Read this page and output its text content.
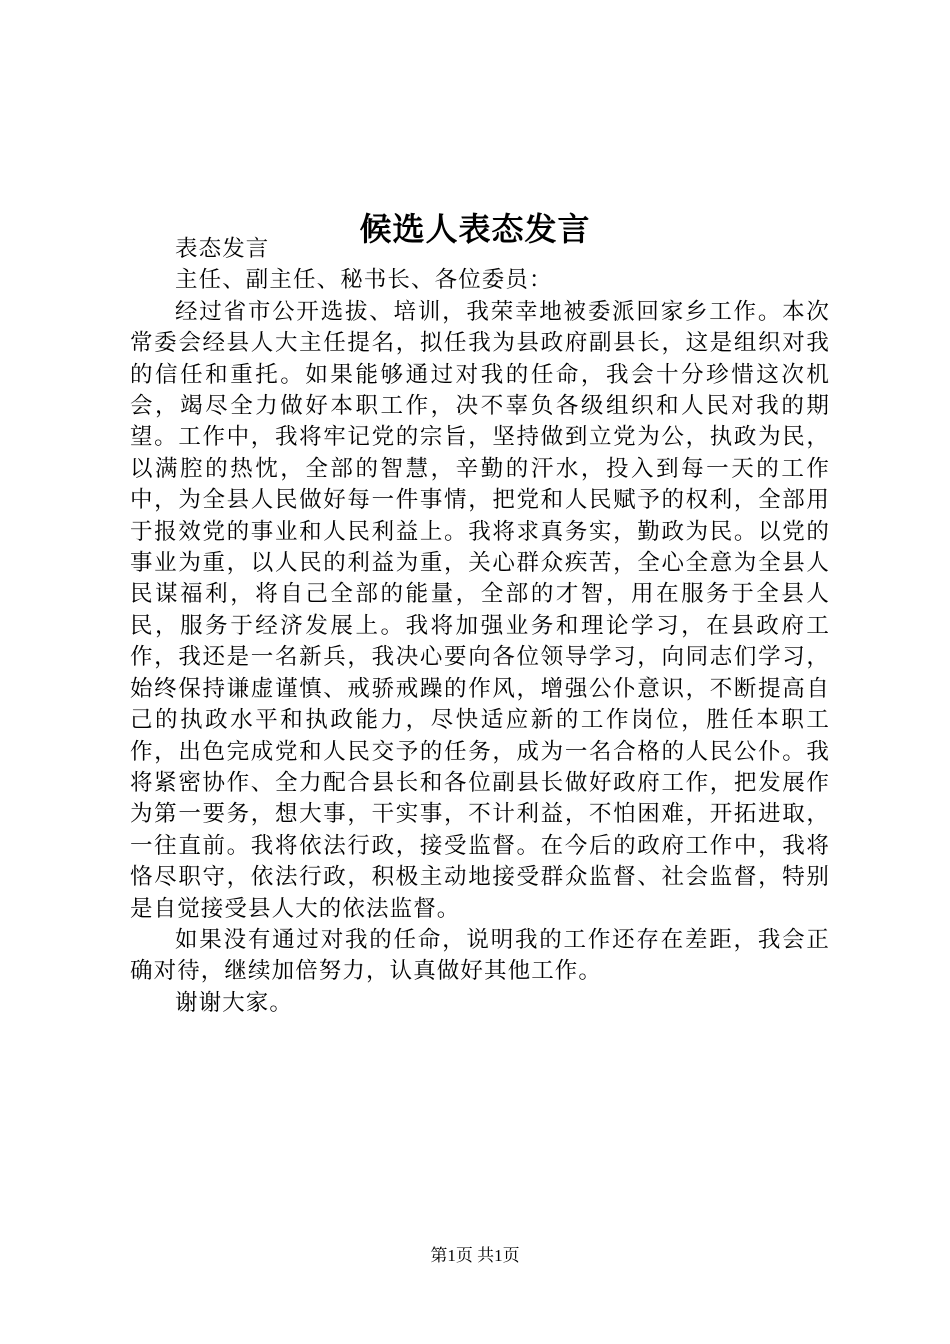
候选人表态发言

表态发言

主任、副主任、秘书长、各位委员：

经过省市公开选拔、培训，我荣幸地被委派回家乡工作。本次常委会经县人大主任提名，拟任我为县政府副县长，这是组织对我的信任和重托。如果能够通过对我的任命，我会十分珍惜这次机会，竭尽全力做好本职工作，决不辜负各级组织和人民对我的期望。工作中，我将牢记党的宗旨，坚持做到立党为公，执政为民，以满腔的热忱，全部的智慧，辛勤的汗水，投入到每一天的工作中，为全县人民做好每一件事情，把党和人民赋予的权利，全部用于报效党的事业和人民利益上。我将求真务实，勤政为民。以党的事业为重，以人民的利益为重，关心群众疾苦，全心全意为全县人民谋福利，将自己全部的能量，全部的才智，用在服务于全县人民，服务于经济发展上。我将加强业务和理论学习，在县政府工作，我还是一名新兵，我决心要向各位领导学习，向同志们学习，始终保持谦虚谨慎、戒骄戒躁的作风，增强公仆意识，不断提高自己的执政水平和执政能力，尽快适应新的工作岗位，胜任本职工作，出色完成党和人民交予的任务，成为一名合格的人民公仆。我将紧密协作、全力配合县长和各位副县长做好政府工作，把发展作为第一要务，想大事，干实事，不计利益，不怕困难，开拓进取，一往直前。我将依法行政，接受监督。在今后的政府工作中，我将恪尽职守，依法行政，积极主动地接受群众监督、社会监督，特别是自觉接受县人大的依法监督。

如果没有通过对我的任命，说明我的工作还存在差距，我会正确对待，继续加倍努力，认真做好其他工作。

谢谢大家。

第1页 共1页
